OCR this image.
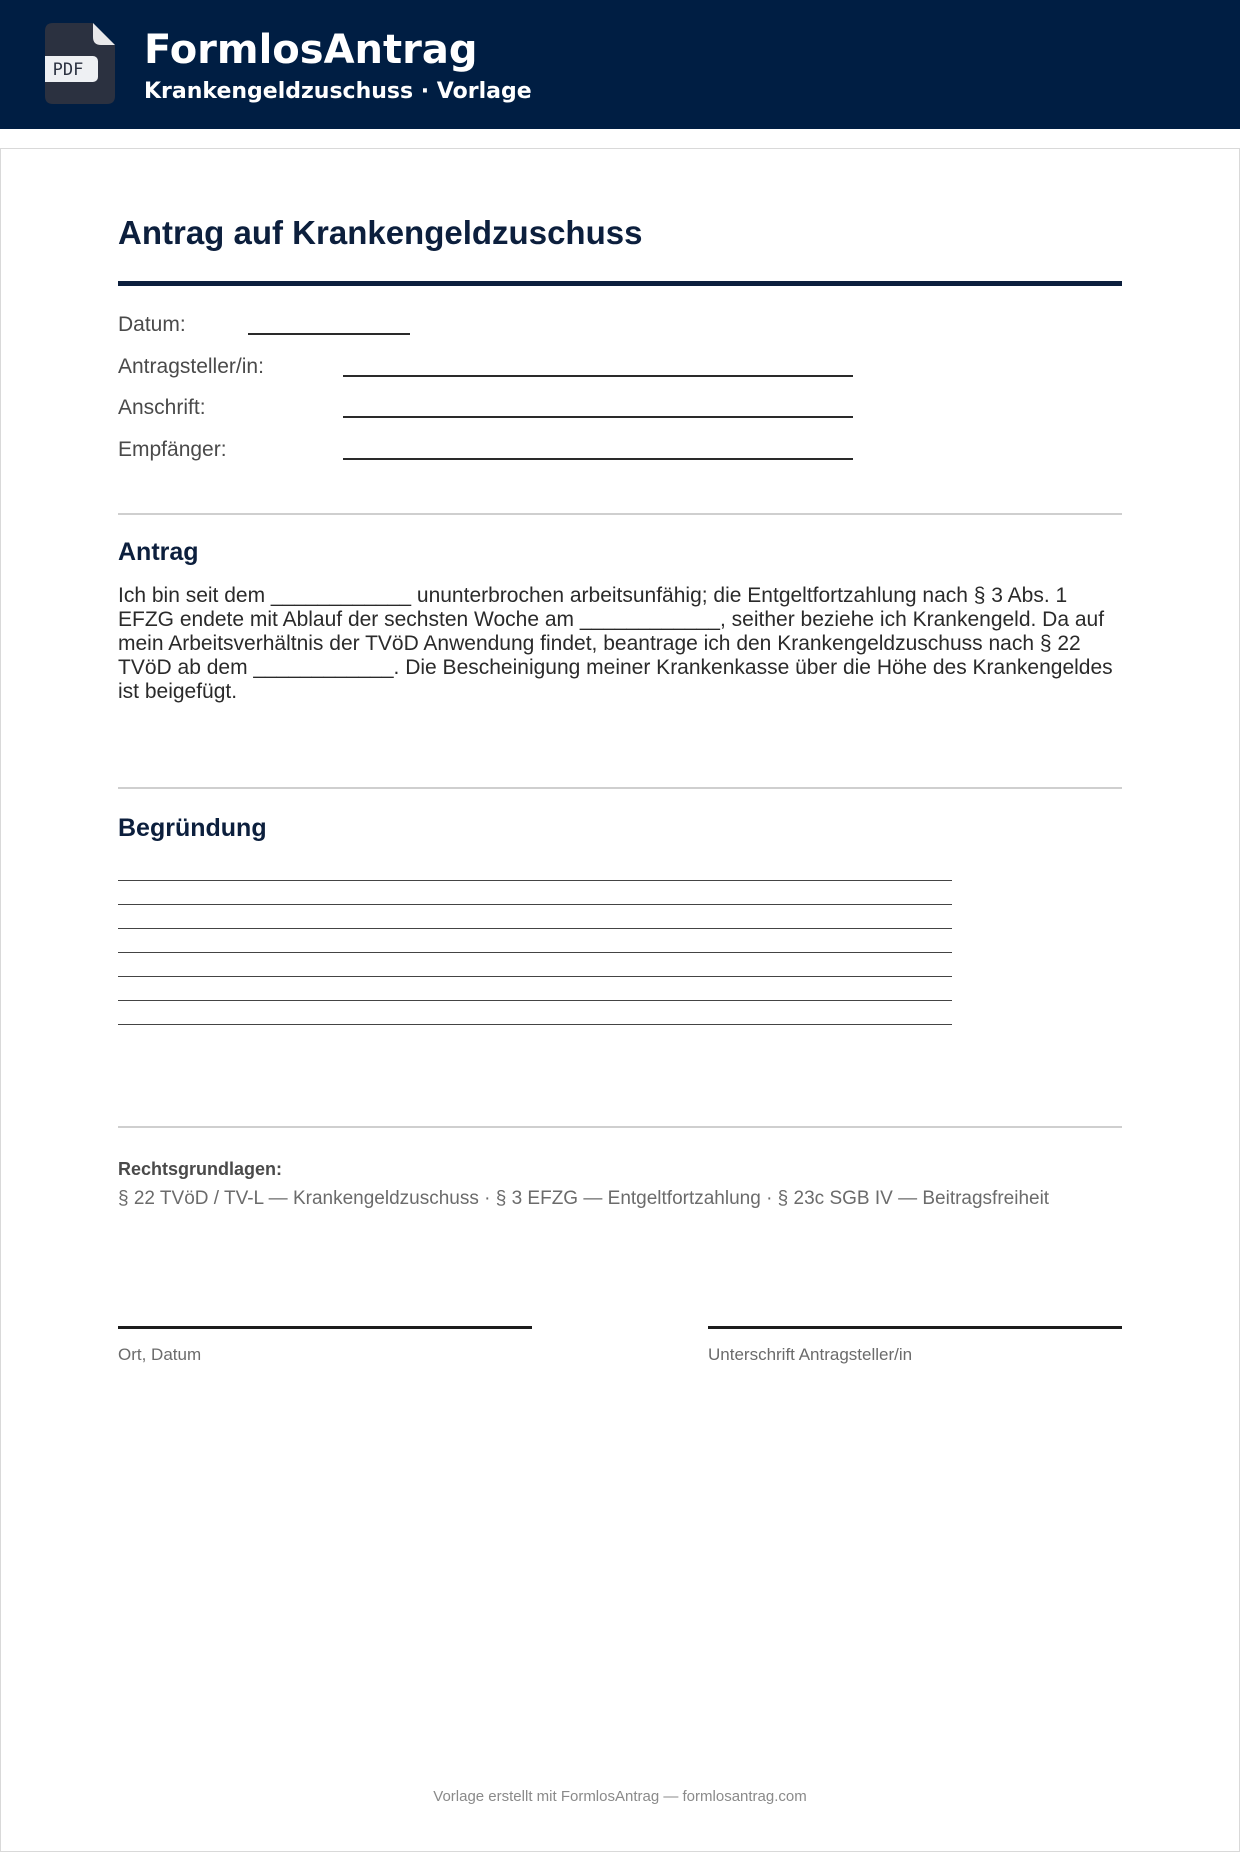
PDF FormlosAntrag
Krankengeldzuschuss · Vorlage
Antrag auf Krankengeldzuschuss
Datum:
Antragsteller/in:
Anschrift:
Empfänger:
Antrag
Ich bin seit dem ____________ ununterbrochen arbeitsunfähig; die Entgeltfortzahlung nach § 3 Abs. 1 EFZG endete mit Ablauf der sechsten Woche am ____________, seither beziehe ich Krankengeld. Da auf mein Arbeitsverhältnis der TVöD Anwendung findet, beantrage ich den Krankengeldzuschuss nach § 22 TVöD ab dem ____________. Die Bescheinigung meiner Krankenkasse über die Höhe des Krankengeldes ist beigefügt.
Begründung
Rechtsgrundlagen:
§ 22 TVöD / TV-L — Krankengeldzuschuss · § 3 EFZG — Entgeltfortzahlung · § 23c SGB IV — Beitragsfreiheit
Ort, Datum	Unterschrift Antragsteller/in
Vorlage erstellt mit FormlosAntrag — formlosantrag.com
